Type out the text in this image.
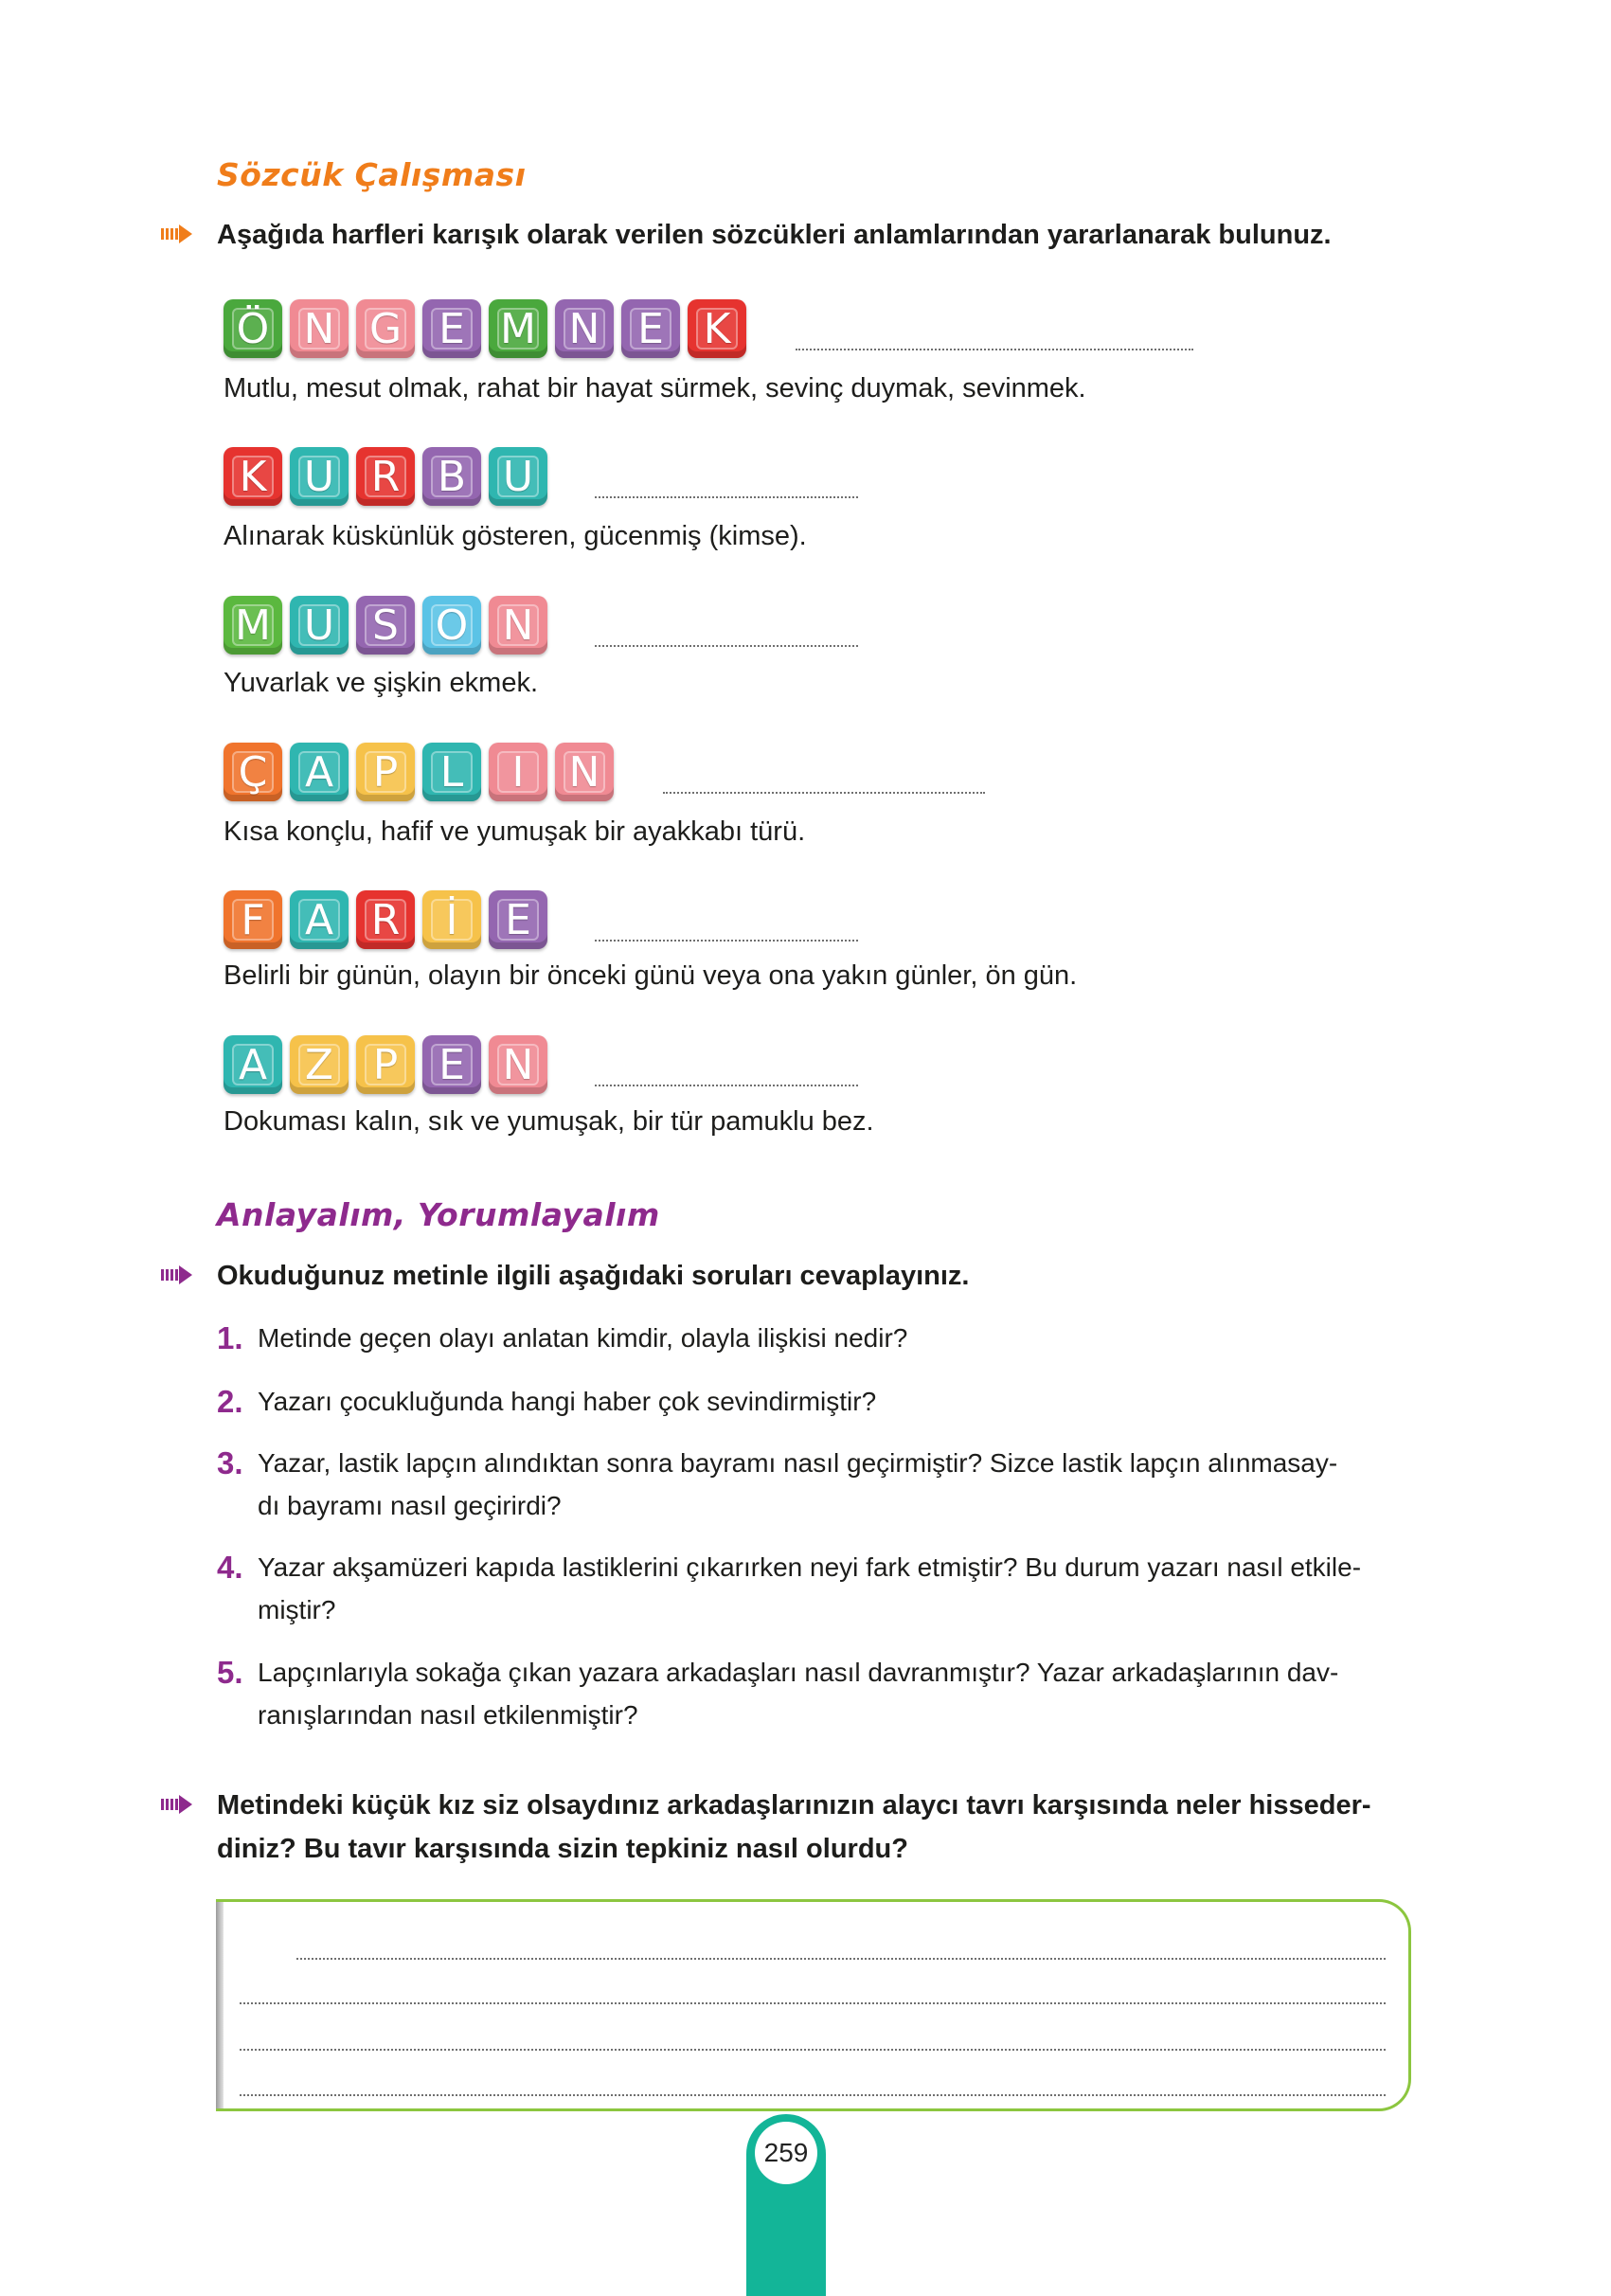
Sözcük Çalışması
Aşağıda harfleri karışık olarak verilen sözcükleri anlamlarından yararlanarak bulunuz.
Ö N G E M N E K
Mutlu, mesut olmak, rahat bir hayat sürmek, sevinç duymak, sevinmek.
K U R B U
Alınarak küskünlük gösteren, gücenmiş (kimse).
M U S O N
Yuvarlak ve şişkin ekmek.
Ç A P L	I	N
Kısa konçlu, hafif ve yumuşak bir ayakkabı türü.
F A R	İ	E
Belirli bir günün, olayın bir önceki günü veya ona yakın günler, ön gün.
A Z P E N
Dokuması kalın, sık ve yumuşak, bir tür pamuklu bez.
Anlayalım, Yorumlayalım
Okuduğunuz metinle ilgili aşağıdaki soruları cevaplayınız.
1. Metinde geçen olayı anlatan kimdir, olayla ilişkisi nedir?
2. Yazarı çocukluğunda hangi haber çok sevindirmiştir?
3. Yazar, lastik lapçın alındıktan sonra bayramı nasıl geçirmiştir? Sizce lastik lapçın alınmasay-
dı bayramı nasıl geçirirdi?
4. Yazar akşamüzeri kapıda lastiklerini çıkarırken neyi fark etmiştir? Bu durum yazarı nasıl etkile-
miştir?
5. Lapçınlarıyla sokağa çıkan yazara arkadaşları nasıl davranmıştır? Yazar arkadaşlarının dav-
ranışlarından nasıl etkilenmiştir?
Metindeki küçük kız siz olsaydınız arkadaşlarınızın alaycı tavrı karşısında neler hisseder-
diniz? Bu tavır karşısında sizin tepkiniz nasıl olurdu?
259
